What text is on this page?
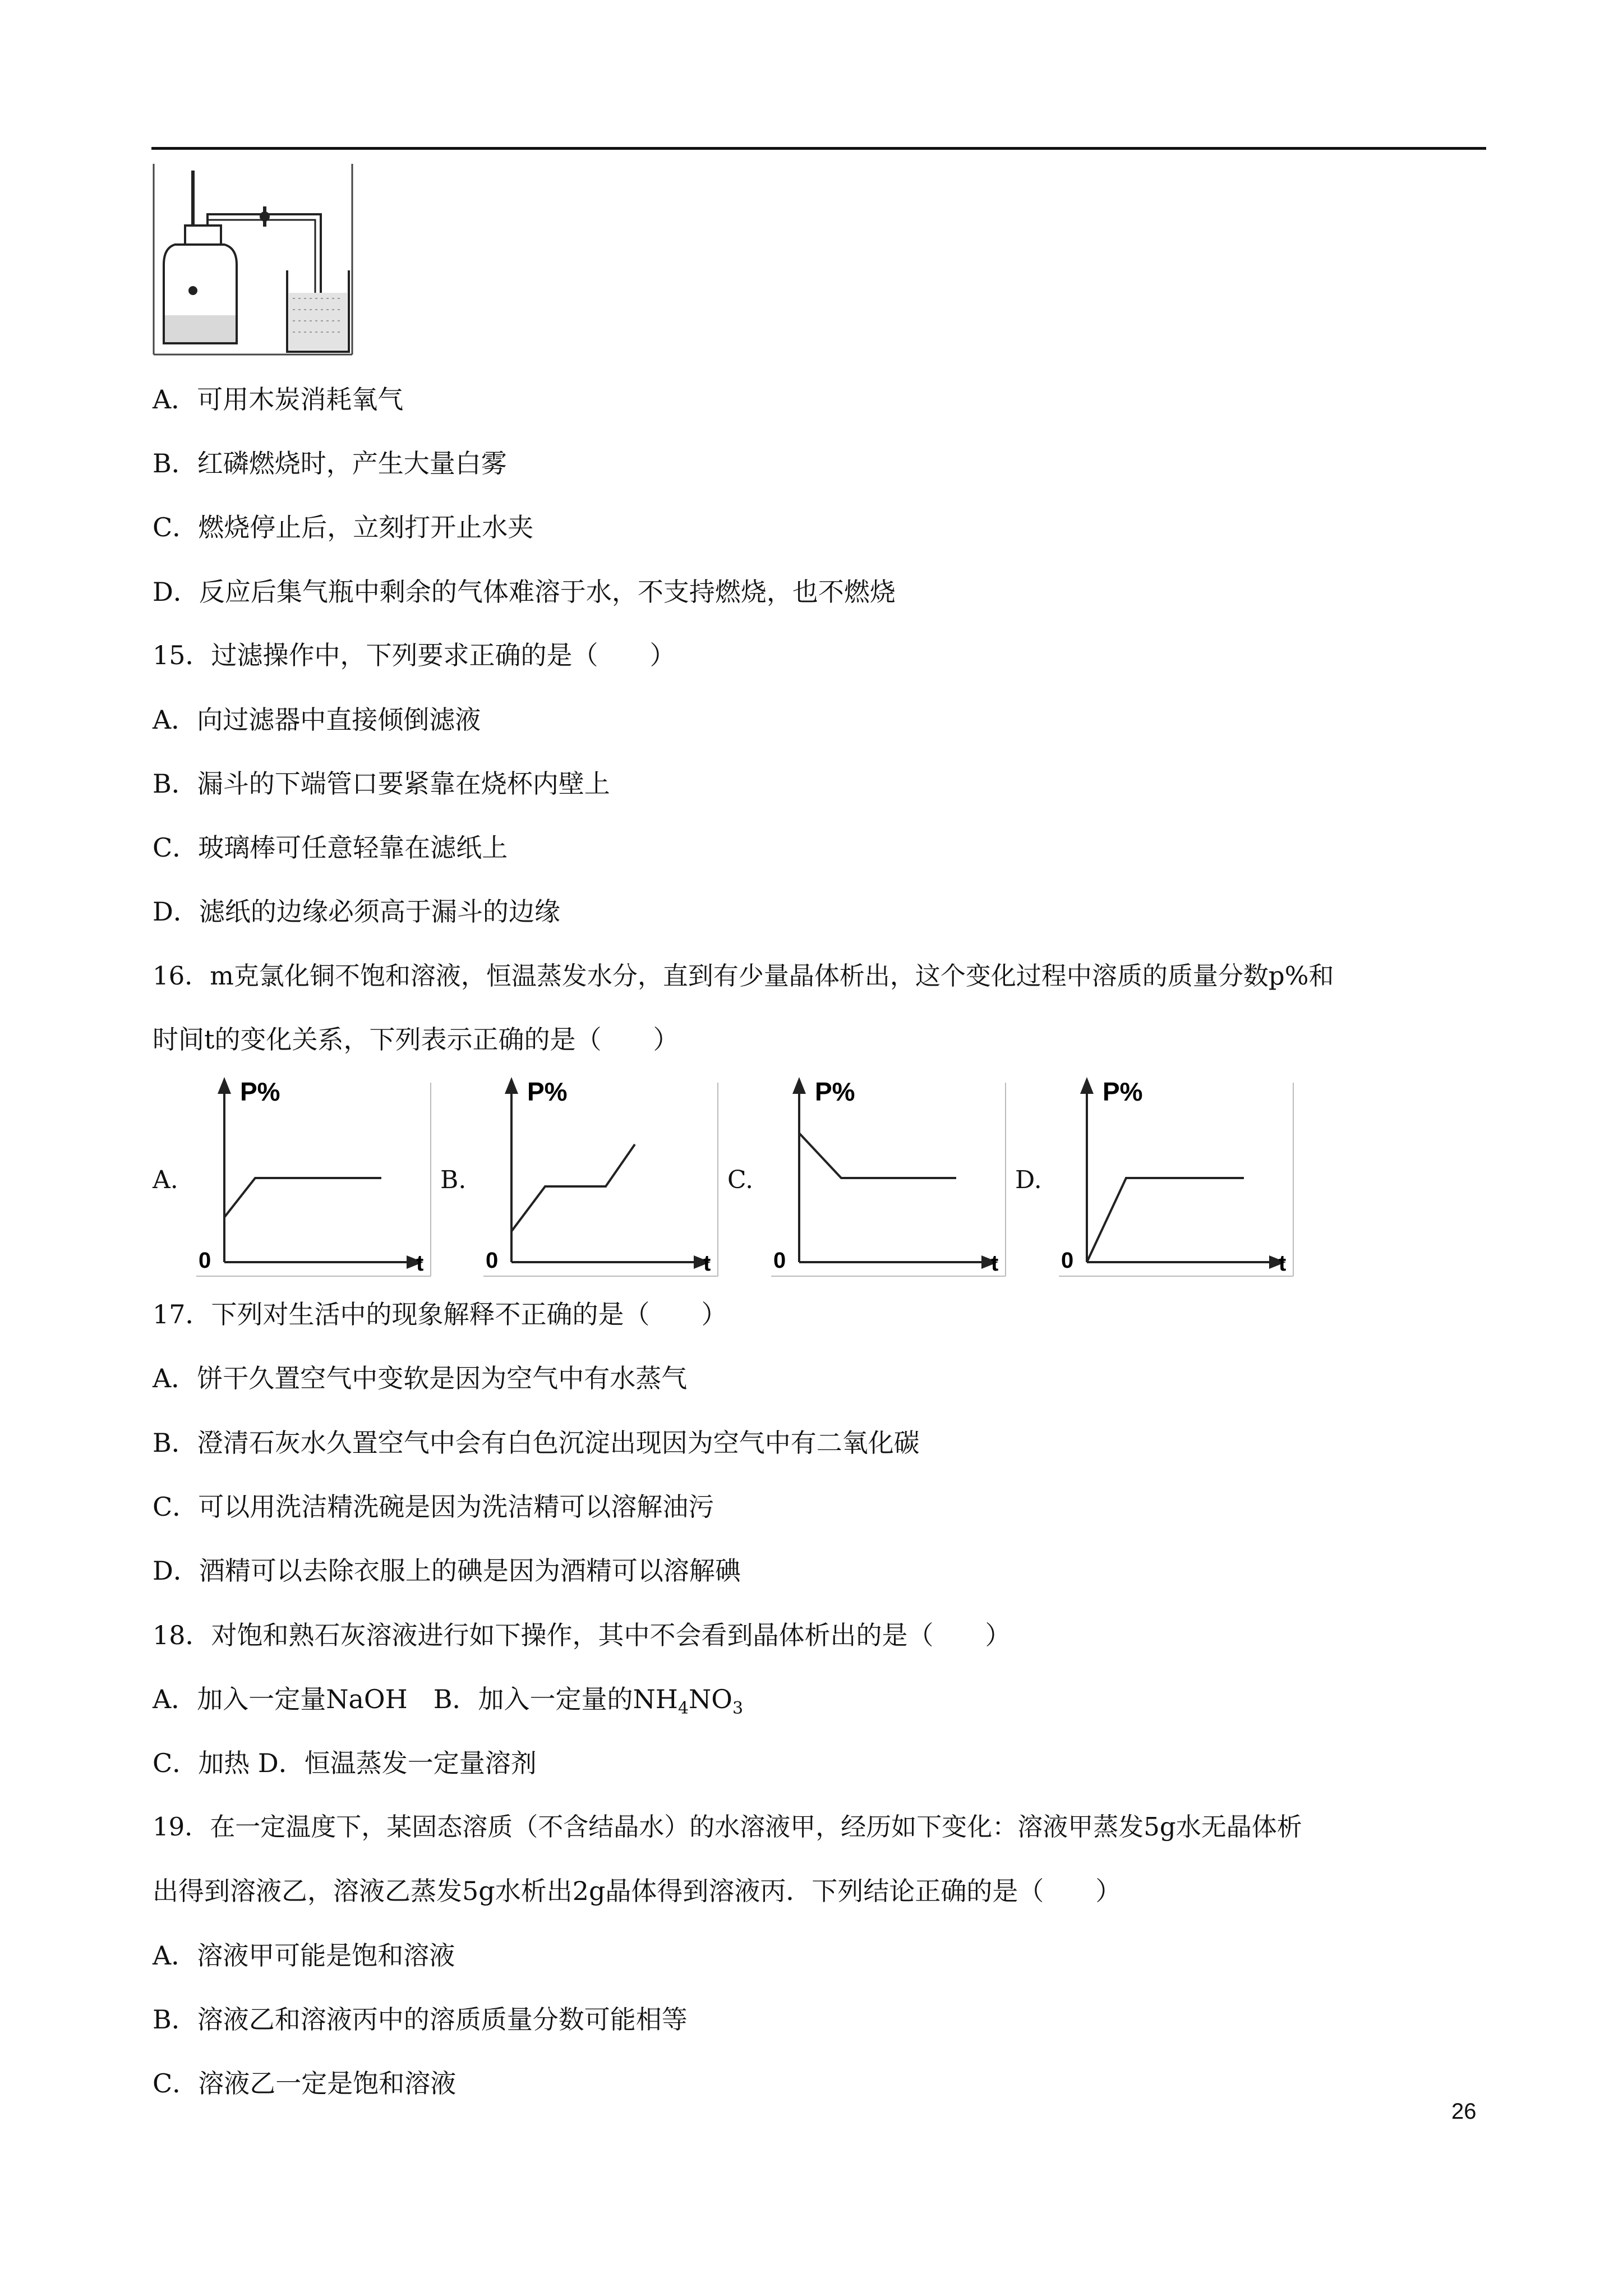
A．可用木炭消耗氧气
B．红磷燃烧时，产生大量白雾
C．燃烧停止后，立刻打开止水夹
D．反应后集气瓶中剩余的气体难溶于水，不支持燃烧，也不燃烧
15．过滤操作中，下列要求正确的是（　　）
A．向过滤器中直接倾倒滤液
B．漏斗的下端管口要紧靠在烧杯内壁上
C．玻璃棒可任意轻靠在滤纸上
D．滤纸的边缘必须高于漏斗的边缘
16．m克氯化铜不饱和溶液，恒温蒸发水分，直到有少量晶体析出，这个变化过程中溶质的质量分数p%和
时间t的变化关系，下列表示正确的是（　　）
A.	B.	C.	D.
P%
0	t
P%
0	t
P%
0	t
P%
0	t
17．下列对生活中的现象解释不正确的是（　　）
A．饼干久置空气中变软是因为空气中有水蒸气
B．澄清石灰水久置空气中会有白色沉淀出现因为空气中有二氧化碳
C．可以用洗洁精洗碗是因为洗洁精可以溶解油污
D．酒精可以去除衣服上的碘是因为酒精可以溶解碘
18．对饱和熟石灰溶液进行如下操作，其中不会看到晶体析出的是（　　）
A．加入一定量NaOH　B．加入一定量的$NH_4NO_3$
C．加热 D．恒温蒸发一定量溶剂
19．在一定温度下，某固态溶质（不含结晶水）的水溶液甲，经历如下变化：溶液甲蒸发5g水无晶体析
出得到溶液乙，溶液乙蒸发5g水析出2g晶体得到溶液丙．下列结论正确的是（　　）
A．溶液甲可能是饱和溶液
B．溶液乙和溶液丙中的溶质质量分数可能相等
C．溶液乙一定是饱和溶液
26
